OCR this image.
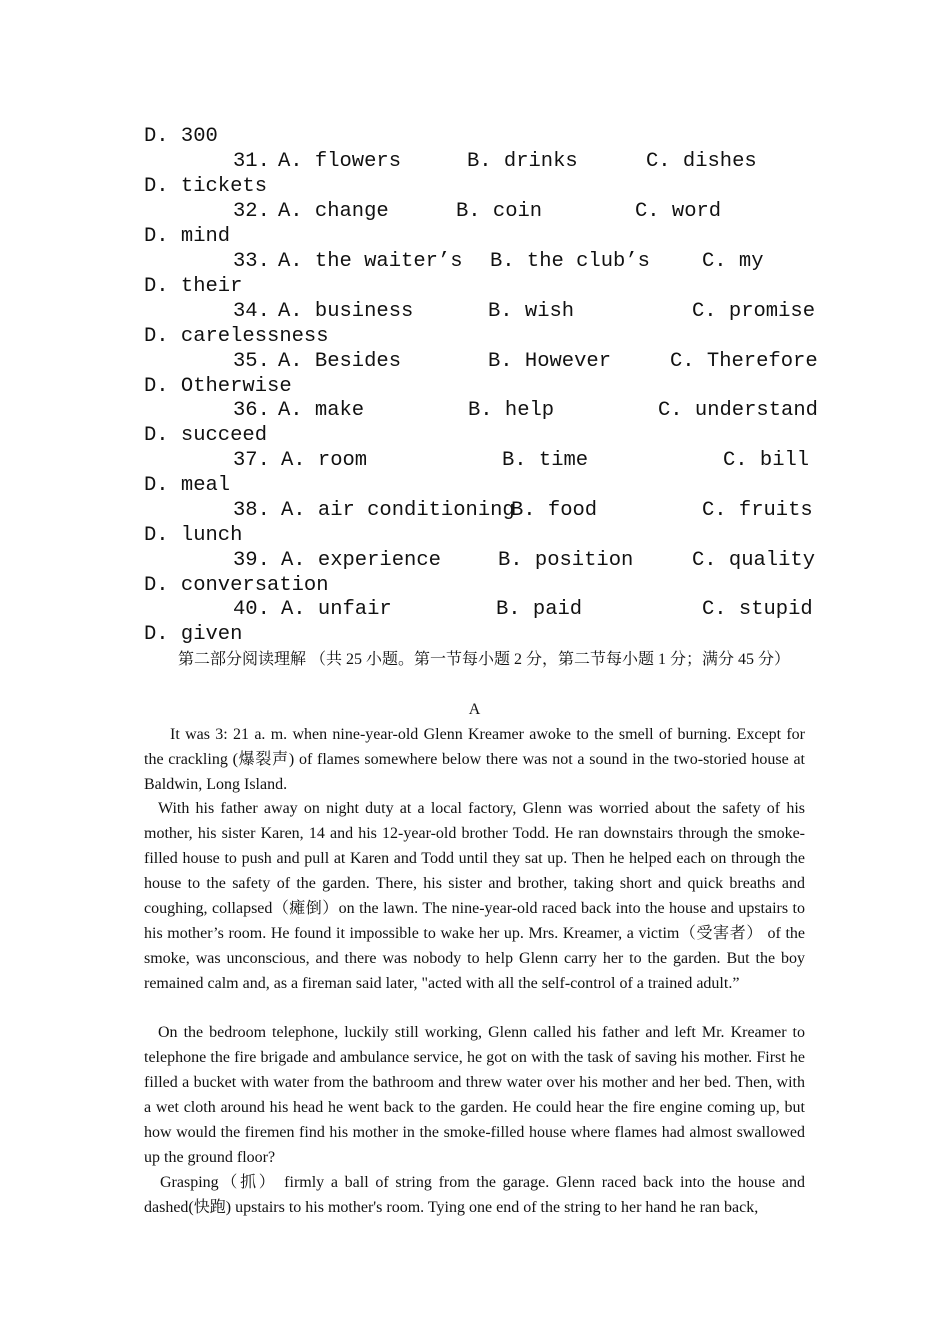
D. 300
31. A. flowers	B. drinks	C. dishes
D. tickets
32. A. change	B. coin	C. word
D. mind
33. A. the waiter’s B. the club’s	C. my
D. their
34. A. business	B. wish	C. promise
D. carelessness
35. A. Besides	B. However	C. Therefore
D. Otherwise
36. A. make	B. help	C. understand
D. succeed
37. A. room	B. time	C. bill
D. meal
38. A. air conditioning
B. food	C. fruits
D. lunch
39. A. experience	B. position	C. quality
D. conversation
40. A. unfair	B. paid	C. stupid
D. given
第二部分阅读理解 （共 25 小题。第一节每小题 2 分，第二节每小题 1 分；满分 45 分）
A
It was 3: 21 a. m. when nine-year-old Glenn Kreamer awoke to the smell of burning. Except for the crackling (爆裂声) of flames somewhere below there was not a sound in the two-storied house at Baldwin, Long Island.
With his father away on night duty at a local factory, Glenn was worried about the safety of his mother, his sister Karen, 14 and his 12-year-old brother Todd. He ran downstairs through the smoke-filled house to push and pull at Karen and Todd until they sat up. Then he helped each on through the house to the safety of the garden. There, his sister and brother, taking short and quick breaths and coughing, collapsed（瘫倒）on the lawn. The nine-year-old raced back into the house and upstairs to his mother’s room. He found it impossible to wake her up. Mrs. Kreamer, a victim（受害者） of the smoke, was unconscious, and there was nobody to help Glenn carry her to the garden. But the boy remained calm and, as a fireman said later, "acted with all the self-control of a trained adult.”
On the bedroom telephone, luckily still working, Glenn called his father and left Mr. Kreamer to telephone the fire brigade and ambulance service, he got on with the task of saving his mother. First he filled a bucket with water from the bathroom and threw water over his mother and her bed. Then, with a wet cloth around his head he went back to the garden. He could hear the fire engine coming up, but how would the firemen find his mother in the smoke-filled house where flames had almost swallowed up the ground floor?
Grasping（抓） firmly a ball of string from the garage. Glenn raced back into the house and dashed(快跑) upstairs to his mother's room. Tying one end of the string to her hand he ran back,
